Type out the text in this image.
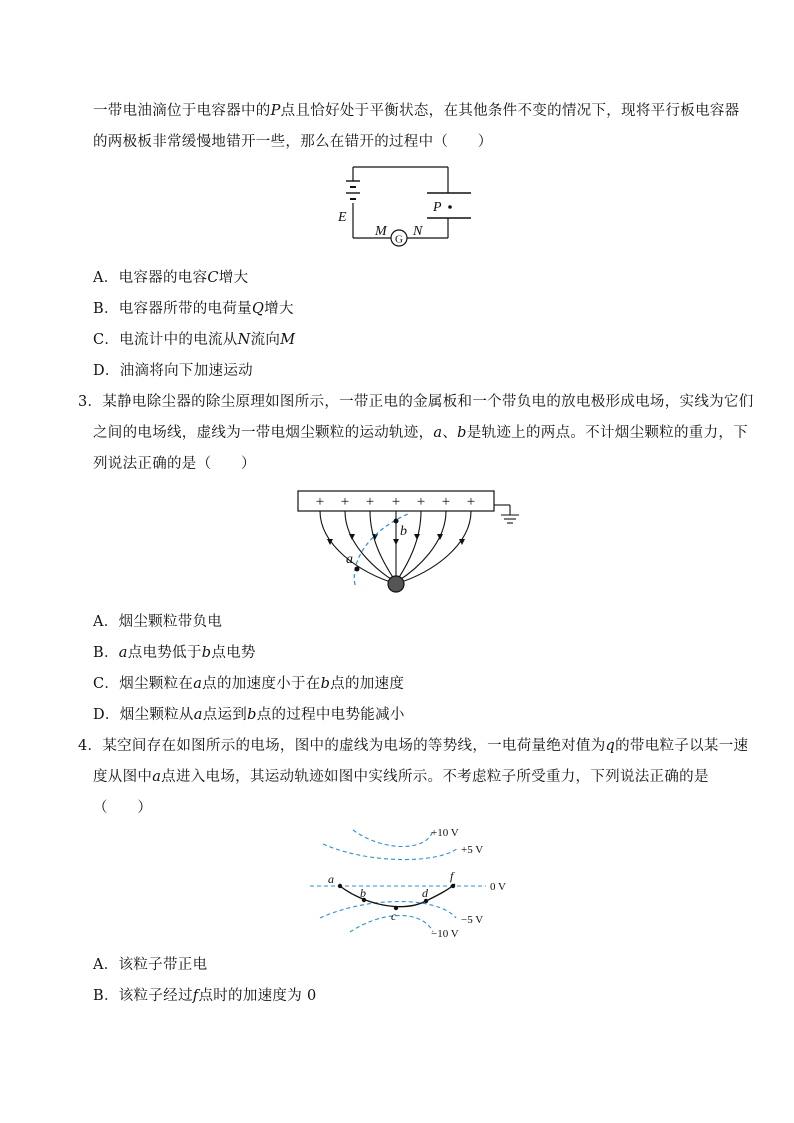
一带电油滴位于电容器中的P点且恰好处于平衡状态，在其他条件不变的情况下，现将平行板电容器
的两极板非常缓慢地错开一些，那么在错开的过程中（　　）
E
P
M N
G
A．电容器的电容C增大
B．电容器所带的电荷量Q增大
C．电流计中的电流从N流向M
D．油滴将向下加速运动
3．某静电除尘器的除尘原理如图所示，一带正电的金属板和一个带负电的放电极形成电场，实线为它们
之间的电场线，虚线为一带电烟尘颗粒的运动轨迹，a、b是轨迹上的两点。不计烟尘颗粒的重力，下
列说法正确的是（　　）
+ + + + + + +
a
b
A．烟尘颗粒带负电
B．a点电势低于b点电势
C．烟尘颗粒在a点的加速度小于在b点的加速度
D．烟尘颗粒从a点运到b点的过程中电势能减小
4．某空间存在如图所示的电场，图中的虚线为电场的等势线，一电荷量绝对值为q的带电粒子以某一速
度从图中a点进入电场，其运动轨迹如图中实线所示。不考虑粒子所受重力，下列说法正确的是
（　　）
a
b
c
d
f
+10 V
+5 V
0 V
−5 V
−10 V
A．该粒子带正电
B．该粒子经过f点时的加速度为 0
